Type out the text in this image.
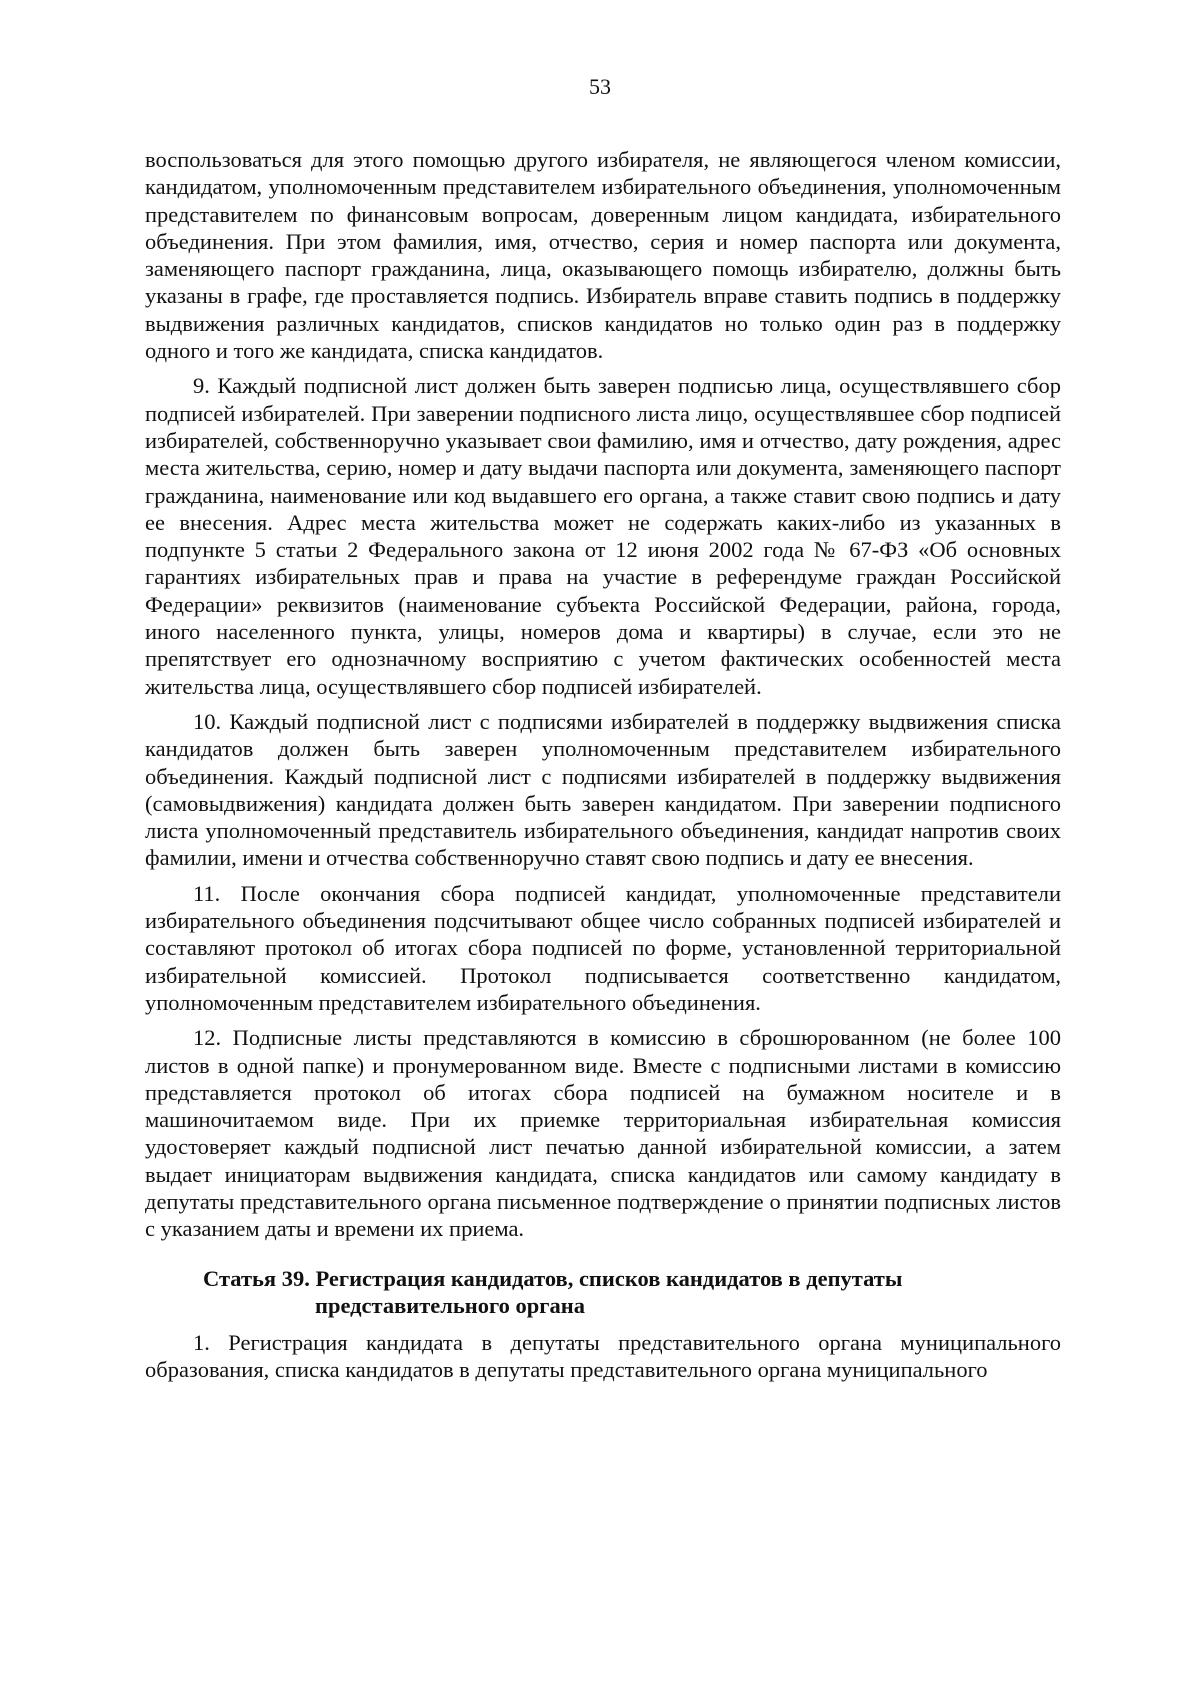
53

воспользоваться для этого помощью другого избирателя, не являющегося членом комиссии, кандидатом, уполномоченным представителем избирательного объединения, уполномоченным представителем по финансовым вопросам, доверенным лицом кандидата, избирательного объединения. При этом фамилия, имя, отчество, серия и номер паспорта или документа, заменяющего паспорт гражданина, лица, оказывающего помощь избирателю, должны быть указаны в графе, где проставляется подпись. Избиратель вправе ставить подпись в поддержку выдвижения различных кандидатов, списков кандидатов но только один раз в поддержку одного и того же кандидата, списка кандидатов.

9. Каждый подписной лист должен быть заверен подписью лица, осуществлявшего сбор подписей избирателей. При заверении подписного листа лицо, осуществлявшее сбор подписей избирателей, собственноручно указывает свои фамилию, имя и отчество, дату рождения, адрес места жительства, серию, номер и дату выдачи паспорта или документа, заменяющего паспорт гражданина, наименование или код выдавшего его органа, а также ставит свою подпись и дату ее внесения. Адрес места жительства может не содержать каких-либо из указанных в подпункте 5 статьи 2 Федерального закона от 12 июня 2002 года № 67-ФЗ «Об основных гарантиях избирательных прав и права на участие в референдуме граждан Российской Федерации» реквизитов (наименование субъекта Российской Федерации, района, города, иного населенного пункта, улицы, номеров дома и квартиры) в случае, если это не препятствует его однозначному восприятию с учетом фактических особенностей места жительства лица, осуществлявшего сбор подписей избирателей.

10. Каждый подписной лист с подписями избирателей в поддержку выдвижения списка кандидатов должен быть заверен уполномоченным представителем избирательного объединения. Каждый подписной лист с подписями избирателей в поддержку выдвижения (самовыдвижения) кандидата должен быть заверен кандидатом. При заверении подписного листа уполномоченный представитель избирательного объединения, кандидат напротив своих фамилии, имени и отчества собственноручно ставят свою подпись и дату ее внесения.

11. После окончания сбора подписей кандидат, уполномоченные представители избирательного объединения подсчитывают общее число собранных подписей избирателей и составляют протокол об итогах сбора подписей по форме, установленной территориальной избирательной комиссией. Протокол подписывается соответственно кандидатом, уполномоченным представителем избирательного объединения.

12. Подписные листы представляются в комиссию в сброшюрованном (не более 100 листов в одной папке) и пронумерованном виде. Вместе с подписными листами в комиссию представляется протокол об итогах сбора подписей на бумажном носителе и в машиночитаемом виде. При их приемке территориальная избирательная комиссия удостоверяет каждый подписной лист печатью данной избирательной комиссии, а затем выдает инициаторам выдвижения кандидата, списка кандидатов или самому кандидату в депутаты представительного органа письменное подтверждение о принятии подписных листов с указанием даты и времени их приема.

Статья 39. Регистрация кандидатов, списков кандидатов в депутаты
представительного органа

1. Регистрация кандидата в депутаты представительного органа муниципального образования, списка кандидатов в депутаты представительного органа муниципального
